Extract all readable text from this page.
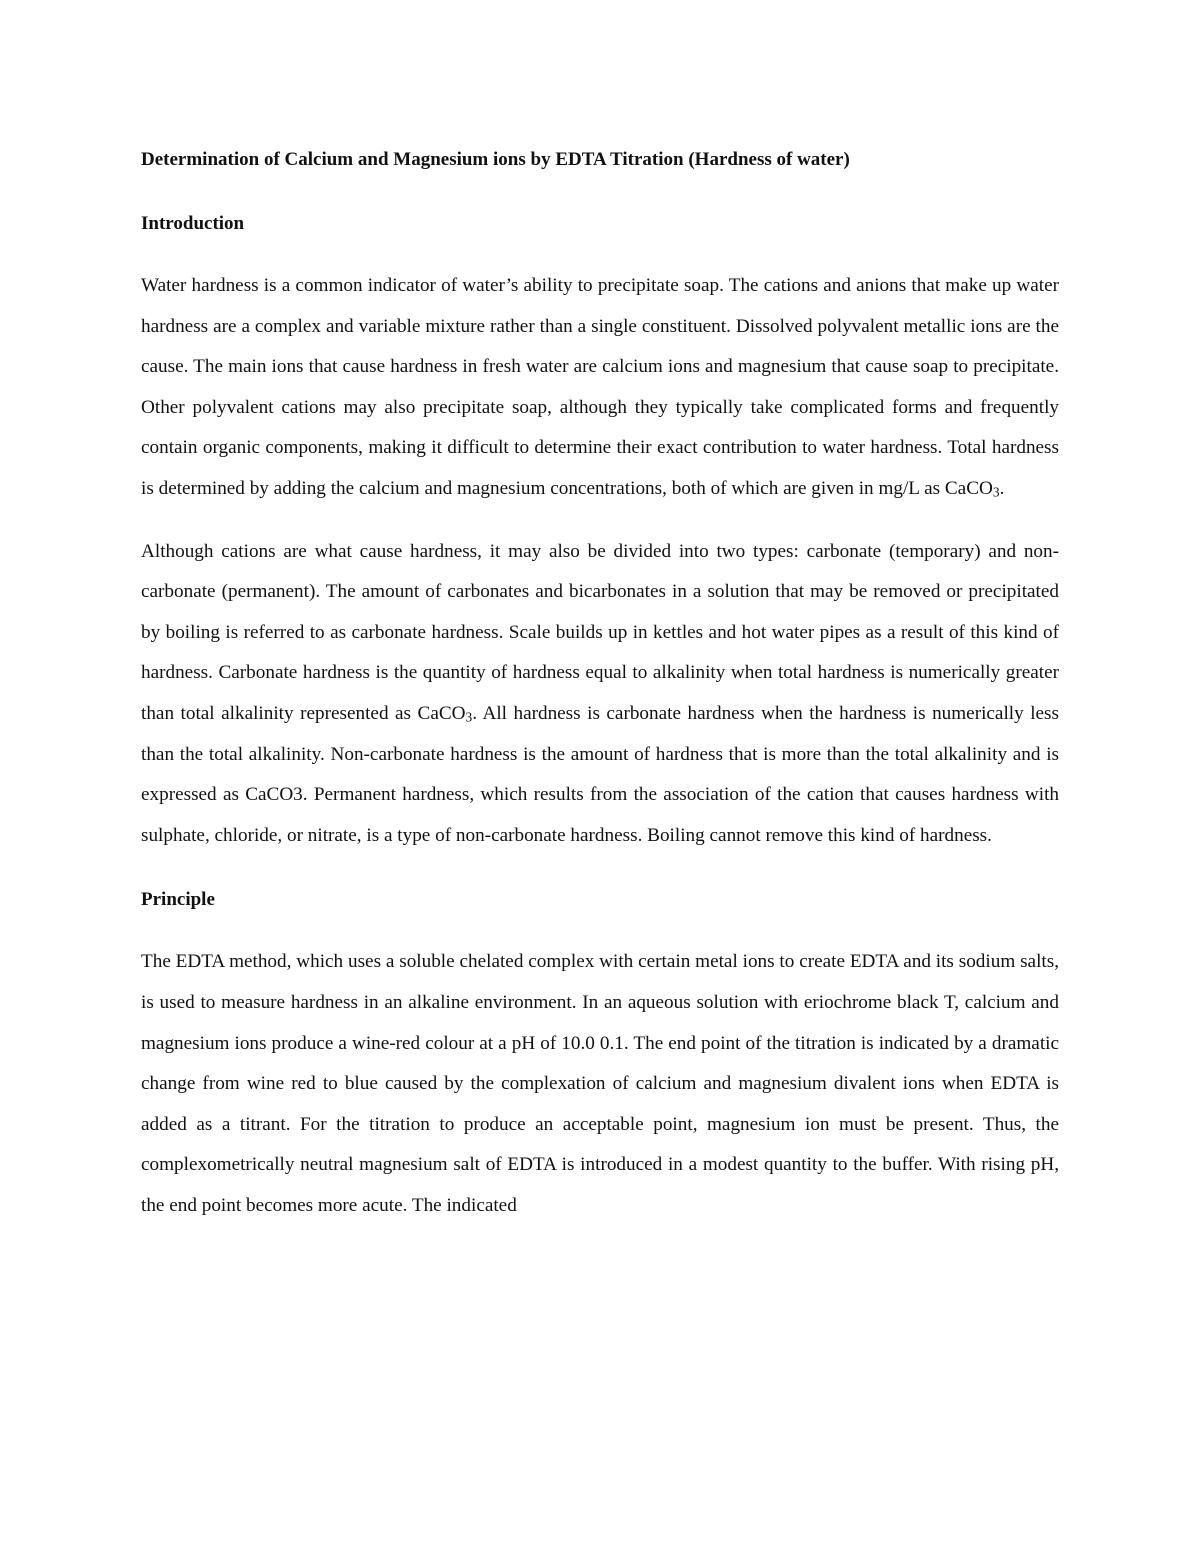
Determination of Calcium and Magnesium ions by EDTA Titration (Hardness of water)

Introduction

Water hardness is a common indicator of water’s ability to precipitate soap. The cations and anions that make up water hardness are a complex and variable mixture rather than a single constituent. Dissolved polyvalent metallic ions are the cause. The main ions that cause hardness in fresh water are calcium ions and magnesium that cause soap to precipitate. Other polyvalent cations may also precipitate soap, although they typically take complicated forms and frequently contain organic components, making it difficult to determine their exact contribution to water hardness. Total hardness is determined by adding the calcium and magnesium concentrations, both of which are given in mg/L as CaCO$_3$.

Although cations are what cause hardness, it may also be divided into two types: carbonate (temporary) and non-carbonate (permanent). The amount of carbonates and bicarbonates in a solution that may be removed or precipitated by boiling is referred to as carbonate hardness. Scale builds up in kettles and hot water pipes as a result of this kind of hardness. Carbonate hardness is the quantity of hardness equal to alkalinity when total hardness is numerically greater than total alkalinity represented as CaCO$_3$. All hardness is carbonate hardness when the hardness is numerically less than the total alkalinity. Non-carbonate hardness is the amount of hardness that is more than the total alkalinity and is expressed as CaCO3. Permanent hardness, which results from the association of the cation that causes hardness with sulphate, chloride, or nitrate, is a type of non-carbonate hardness. Boiling cannot remove this kind of hardness.

Principle

The EDTA method, which uses a soluble chelated complex with certain metal ions to create EDTA and its sodium salts, is used to measure hardness in an alkaline environment. In an aqueous solution with eriochrome black T, calcium and magnesium ions produce a wine-red colour at a pH of 10.0 0.1. The end point of the titration is indicated by a dramatic change from wine red to blue caused by the complexation of calcium and magnesium divalent ions when EDTA is added as a titrant. For the titration to produce an acceptable point, magnesium ion must be present. Thus, the complexometrically neutral magnesium salt of EDTA is introduced in a modest quantity to the buffer. With rising pH, the end point becomes more acute. The indicated
